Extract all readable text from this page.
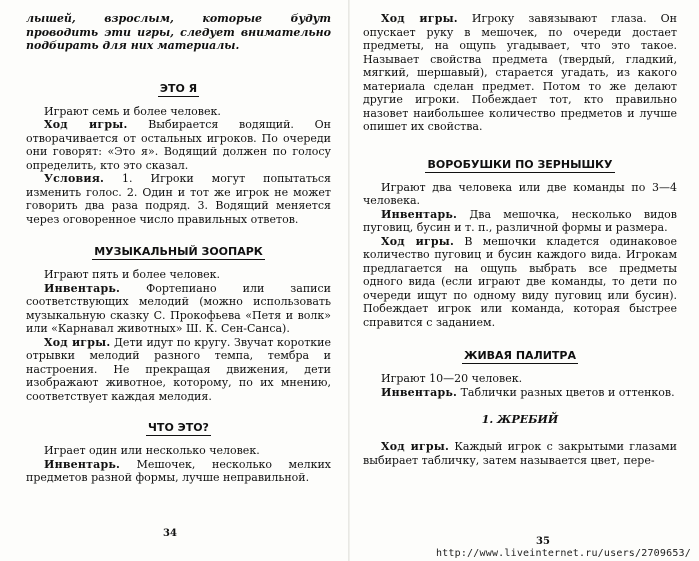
лышей, взрослым, которые будут проводить эти игры, следует внимательно подбирать для них материалы.

ЭТО Я

Играют семь и более человек.

Ход игры. Выбирается водящий. Он отворачивается от остальных игроков. По очереди они говорят: «Это я». Водящий должен по голосу определить, кто это сказал.

Условия. 1. Игроки могут попытаться изменить голос. 2. Один и тот же игрок не может говорить два раза подряд. 3. Водящий меняется через оговоренное число правильных ответов.

МУЗЫКАЛЬНЫЙ ЗООПАРК

Играют пять и более человек.

Инвентарь. Фортепиано или записи соответствующих мелодий (можно использовать музыкальную сказку С. Прокофьева «Петя и волк» или «Карнавал животных» Ш. К. Сен-Санса).

Ход игры. Дети идут по кругу. Звучат короткие отрывки мелодий разного темпа, тембра и настроения. Не прекращая движения, дети изображают животное, которому, по их мнению, соответствует каждая мелодия.

ЧТО ЭТО?

Играет один или несколько человек.

Инвентарь. Мешочек, несколько мелких предметов разной формы, лучше неправильной.

34

Ход игры. Игроку завязывают глаза. Он опускает руку в мешочек, по очереди достает предметы, на ощупь угадывает, что это такое. Называет свойства предмета (твердый, гладкий, мягкий, шершавый), старается угадать, из какого материала сделан предмет. Потом то же делают другие игроки. Побеждает тот, кто правильно назовет наибольшее количество предметов и лучше опишет их свойства.

ВОРОБУШКИ ПО ЗЕРНЫШКУ

Играют два человека или две команды по 3—4 человека.

Инвентарь. Два мешочка, несколько видов пуговиц, бусин и т. п., различной формы и размера.

Ход игры. В мешочки кладется одинаковое количество пуговиц и бусин каждого вида. Игрокам предлагается на ощупь выбрать все предметы одного вида (если играют две команды, то дети по очереди ищут по одному виду пуговиц или бусин). Побеждает игрок или команда, которая быстрее справится с заданием.

ЖИВАЯ ПАЛИТРА

Играют 10—20 человек.

Инвентарь. Таблички разных цветов и оттенков.

1. ЖРЕБИЙ

Ход игры. Каждый игрок с закрытыми глазами выбирает табличку, затем называется цвет, пере-

35
http://www.liveinternet.ru/users/2709653/
